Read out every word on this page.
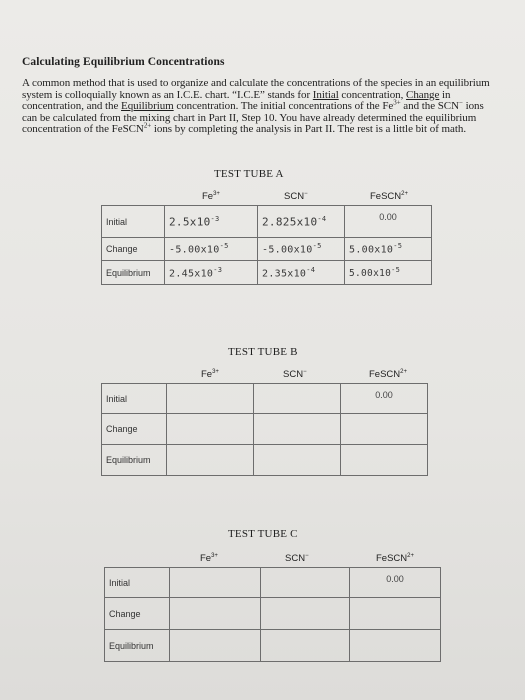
Calculating Equilibrium Concentrations
A common method that is used to organize and calculate the concentrations of the species in an equilibrium system is colloquially known as an I.C.E. chart. “I.C.E” stands for Initial concentration, Change in concentration, and the Equilibrium concentration. The initial concentrations of the $Fe^{3+}$ and the SCN− ions can be calculated from the mixing chart in Part II, Step 10. You have already determined the equilibrium concentration of the FeSCN$^{2+}$ ions by completing the analysis in Part II. The rest is a little bit of math.
TEST TUBE A
$Fe^{3+}$	SCN−	FeSCN$^{2+}$
Initial	$2.5x10^{-3}$	$2.825x10^{-4}$	0.00

Change	$-5.00x10^{-5}$	$-5.00x10^{-5}$	$5.00x10^{-5}$

Equilibrium	$2.45x10^{-3}$	$2.35x10^{-4}$	$5.00x10^{-5}$
TEST TUBE B
$Fe^{3+}$	SCN−	FeSCN$^{2+}$
Initial			0.00

Change			
Equilibrium			
TEST TUBE C
$Fe^{3+}$	SCN−	FeSCN$^{2+}$
Initial			0.00

Change			
Equilibrium			
